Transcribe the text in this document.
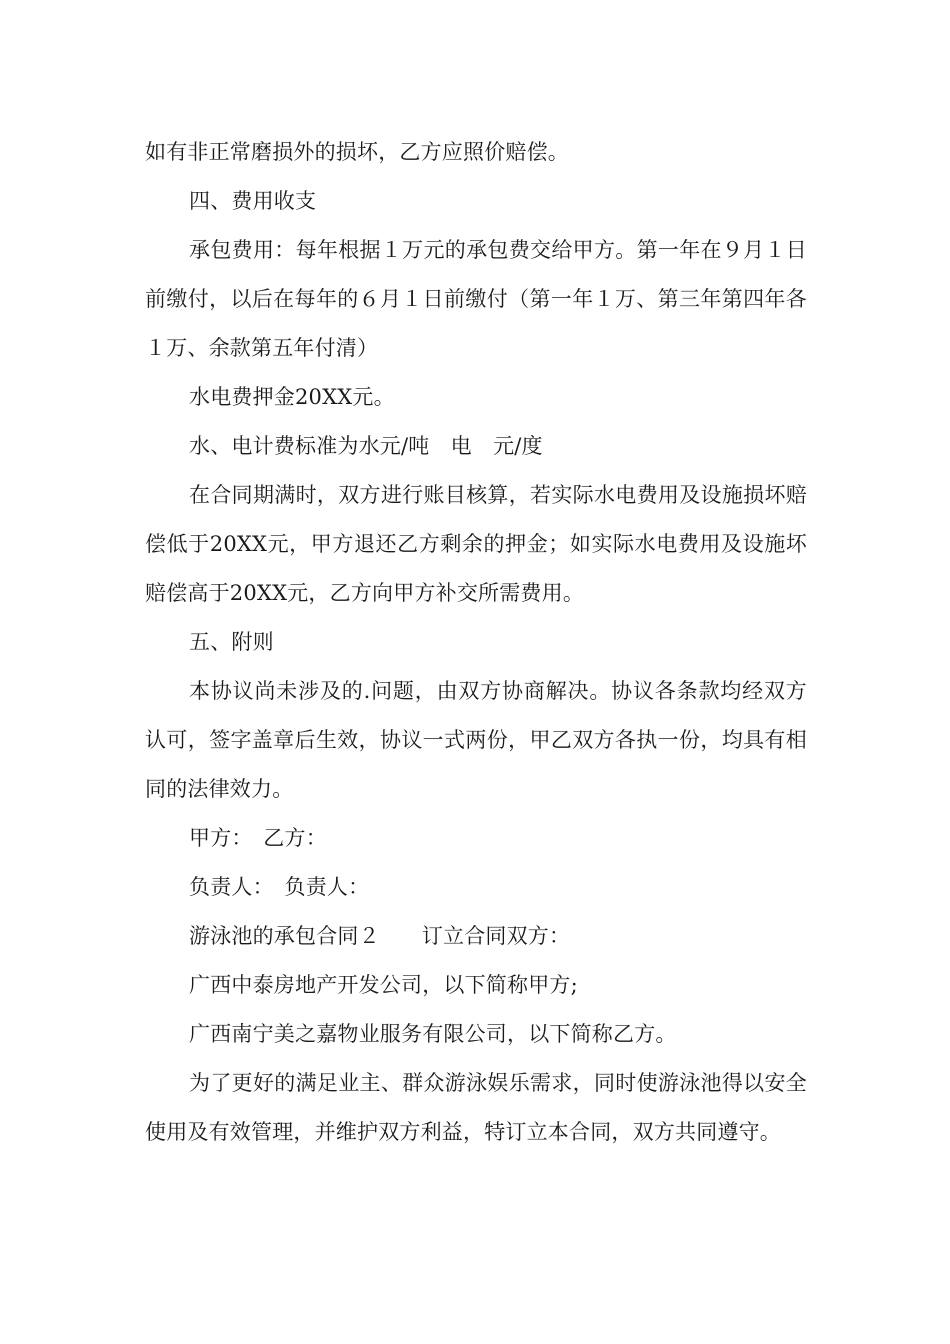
如有非正常磨损外的损坏，乙方应照价赔偿。

四、费用收支

承包费用：每年根据１万元的承包费交给甲方。第一年在９月１日前缴付，以后在每年的６月１日前缴付（第一年１万、第三年第四年各１万、余款第五年付清）

水电费押金20XX元。

水、电计费标准为水元/吨　电　元/度

在合同期满时，双方进行账目核算，若实际水电费用及设施损坏赔偿低于20XX元，甲方退还乙方剩余的押金；如实际水电费用及设施坏赔偿高于20XX元，乙方向甲方补交所需费用。

五、附则

本协议尚未涉及的.问题，由双方协商解决。协议各条款均经双方认可，签字盖章后生效，协议一式两份，甲乙双方各执一份，均具有相同的法律效力。

甲方：　乙方：

负责人：　负责人：

游泳池的承包合同２ 订立合同双方：

广西中泰房地产开发公司，以下简称甲方;

广西南宁美之嘉物业服务有限公司，以下简称乙方。

为了更好的满足业主、群众游泳娱乐需求，同时使游泳池得以安全使用及有效管理，并维护双方利益，特订立本合同，双方共同遵守。
